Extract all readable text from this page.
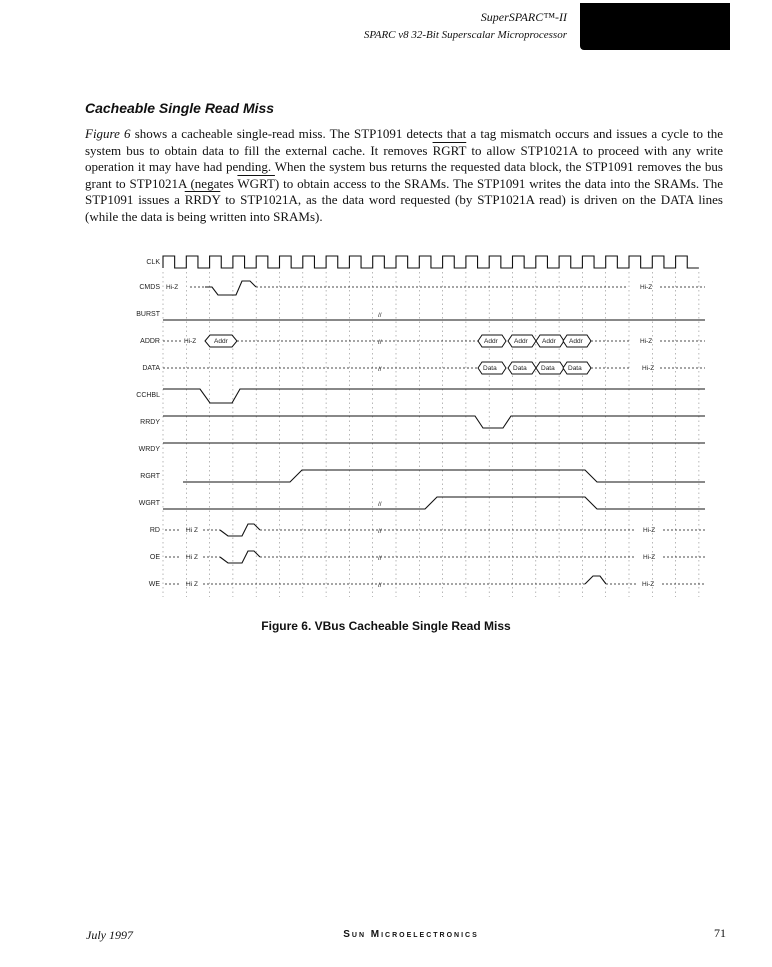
SuperSPARC™-II
SPARC v8 32-Bit Superscalar Microprocessor
Cacheable Single Read Miss
Figure 6 shows a cacheable single-read miss. The STP1091 detects that a tag mismatch occurs and issues a cycle to the system bus to obtain data to fill the external cache. It removes RGRT to allow STP1021A to proceed with any write operation it may have had pending. When the system bus returns the requested data block, the STP1091 removes the bus grant to STP1021A (negates WGRT) to obtain access to the SRAMs. The STP1091 writes the data into the SRAMs. The STP1091 issues a RRDY to STP1021A, as the data word requested (by STP1021A read) is driven on the DATA lines (while the data is being written into SRAMs).
CLK
CMDS
BURST
ADDR
DATA
CCHBL
RRDY
WRDY
RGRT
WGRT
RD
OE
WE
Hi-Z	Hi-Z
Hi-Z	Addr	Addr	Addr Addr Addr	Hi-Z
Data	Data Data Data	Hi-Z
Hi Z	Hi-Z
Hi Z	Hi-Z
Hi Z	Hi-Z
//
//
//
//
//
//
//
Figure 6. VBus Cacheable Single Read Miss
July 1997	Sun Microelectronics	71
